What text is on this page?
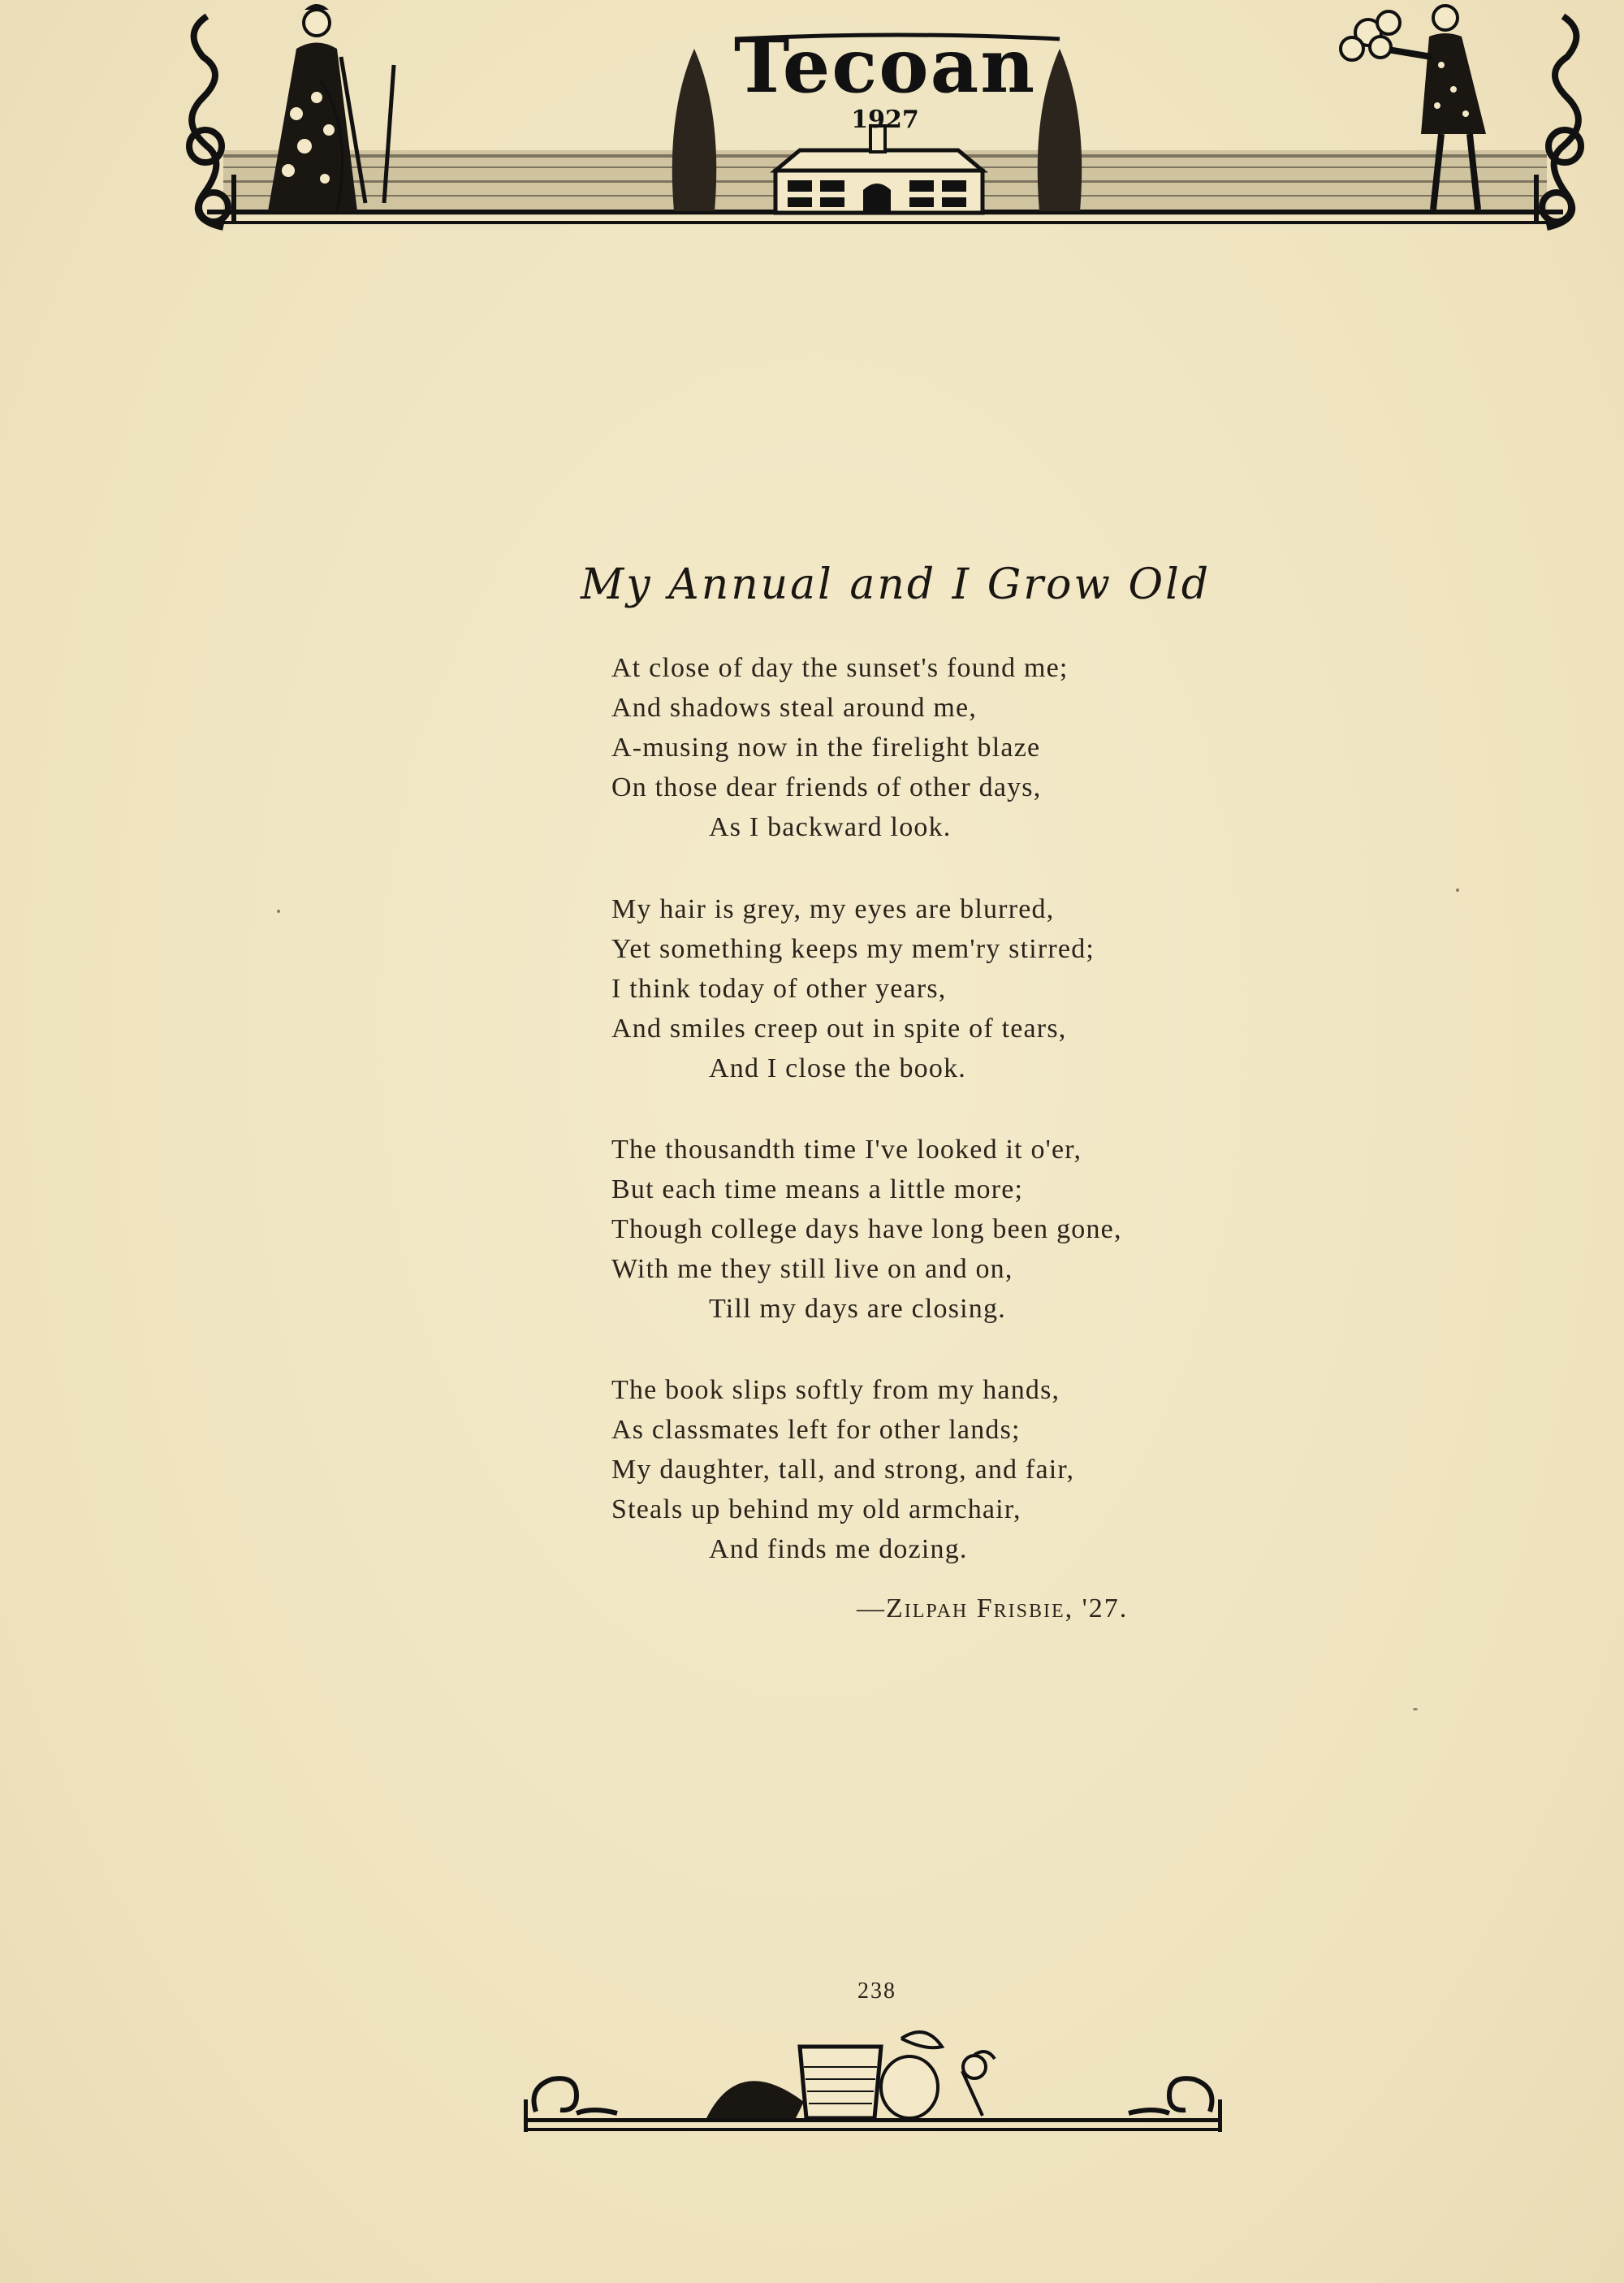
Tecoan
1927
My Annual and I Grow Old
At close of day the sunset's found me;
And shadows steal around me,
A-musing now in the firelight blaze
On those dear friends of other days,
As I backward look.
My hair is grey, my eyes are blurred,
Yet something keeps my mem'ry stirred;
I think today of other years,
And smiles creep out in spite of tears,
And I close the book.
The thousandth time I've looked it o'er,
But each time means a little more;
Though college days have long been gone,
With me they still live on and on,
Till my days are closing.
The book slips softly from my hands,
As classmates left for other lands;
My daughter, tall, and strong, and fair,
Steals up behind my old armchair,
And finds me dozing.
—Zilpah Frisbie, '27.
238
